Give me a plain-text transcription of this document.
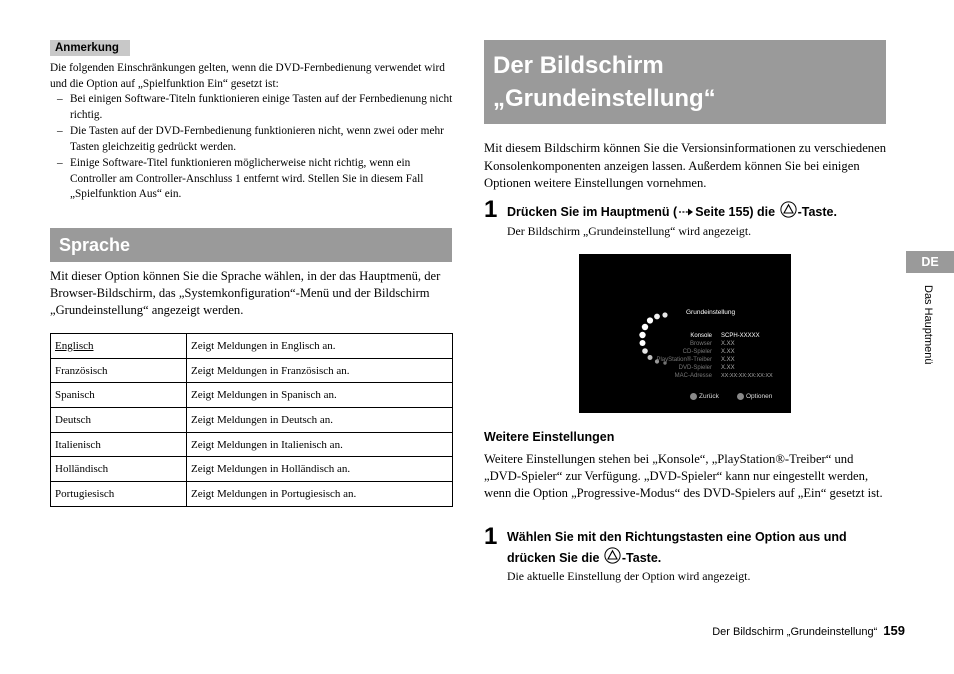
Anmerkung

Die folgenden Einschränkungen gelten, wenn die DVD-Fernbedienung verwendet wird und die Option auf „Spielfunktion Ein“ gesetzt ist:

– Bei einigen Software-Titeln funktionieren einige Tasten auf der Fernbedienung nicht richtig.
– Die Tasten auf der DVD-Fernbedienung funktionieren nicht, wenn zwei oder mehr Tasten gleichzeitig gedrückt werden.
– Einige Software-Titel funktionieren möglicherweise nicht richtig, wenn ein Controller am Controller-Anschluss 1 entfernt wird. Stellen Sie in diesem Fall „Spielfunktion Aus“ ein.
Sprache

Mit dieser Option können Sie die Sprache wählen, in der das Hauptmenü, der Browser-Bildschirm, das „Systemkonfiguration“-Menü und der Bildschirm „Grundeinstellung“ angezeigt werden.

Englisch	Zeigt Meldungen in Englisch an.
Französisch	Zeigt Meldungen in Französisch an.
Spanisch	Zeigt Meldungen in Spanisch an.
Deutsch	Zeigt Meldungen in Deutsch an.
Italienisch	Zeigt Meldungen in Italienisch an.
Holländisch	Zeigt Meldungen in Holländisch an.
Portugiesisch	Zeigt Meldungen in Portugiesisch an.
Der Bildschirm
„Grundeinstellung“

Mit diesem Bildschirm können Sie die Versionsinformationen zu verschiedenen Konsolenkomponenten anzeigen lassen. Außerdem können Sie bei einigen Optionen weitere Einstellungen vornehmen.

1 Drücken Sie im Hauptmenü ( Seite 155) die -Taste.
Der Bildschirm „Grundeinstellung“ wird angezeigt.
Grundeinstellung
Konsole SCPH-XXXXX
Browser X.XX
CD-Spieler X.XX
PlayStation®-Treiber X.XX
DVD-Spieler X.XX
MAC-Adresse XX:XX:XX:XX:XX:XX
Zurück	Optionen
Weitere Einstellungen

Weitere Einstellungen stehen bei „Konsole“, „PlayStation®-Treiber“ und „DVD-Spieler“ zur Verfügung. „DVD-Spieler“ kann nur eingestellt werden, wenn die Option „Progressive-Modus“ des DVD-Spielers auf „Ein“ gesetzt ist.

1 Wählen Sie mit den Richtungstasten eine Option aus und drücken Sie die -Taste.
Die aktuelle Einstellung der Option wird angezeigt.
DE
Das Hauptmenü
Der Bildschirm „Grundeinstellung“ 159
